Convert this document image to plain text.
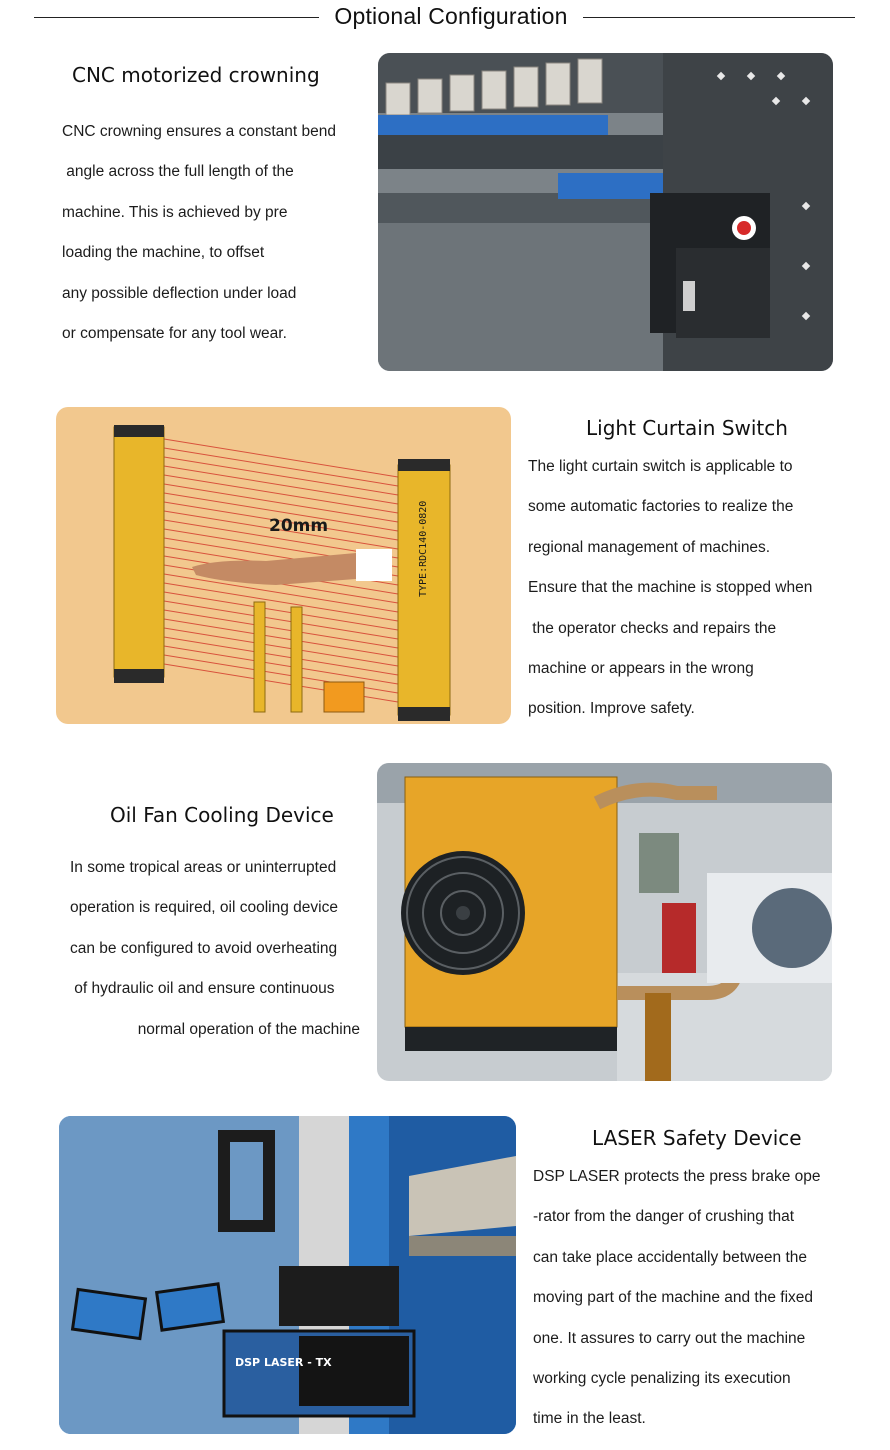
Optional Configuration
CNC motorized crowning
CNC crowning ensures a constant bend
angle across the full length of the
machine. This is achieved by pre
loading the machine, to offset
any possible deflection under load
or compensate for any tool wear.
TYPE:RDC140-0820
20mm
Light Curtain Switch
The light curtain switch is applicable to
some automatic factories to realize the
regional management of machines.
Ensure that the machine is stopped when
the operator checks and repairs the
machine or appears in the wrong
position. Improve safety.
Oil Fan Cooling Device
In some tropical areas or uninterrupted
operation is required, oil cooling device
can be configured to avoid overheating
of hydraulic oil and ensure continuous
normal operation of the machine
DSP LASER - TX
LASER Safety Device
DSP LASER protects the press brake ope
-rator from the danger of crushing that
can take place accidentally between the
moving part of the machine and the fixed
one. It assures to carry out the machine
working cycle penalizing its execution
time in the least.
